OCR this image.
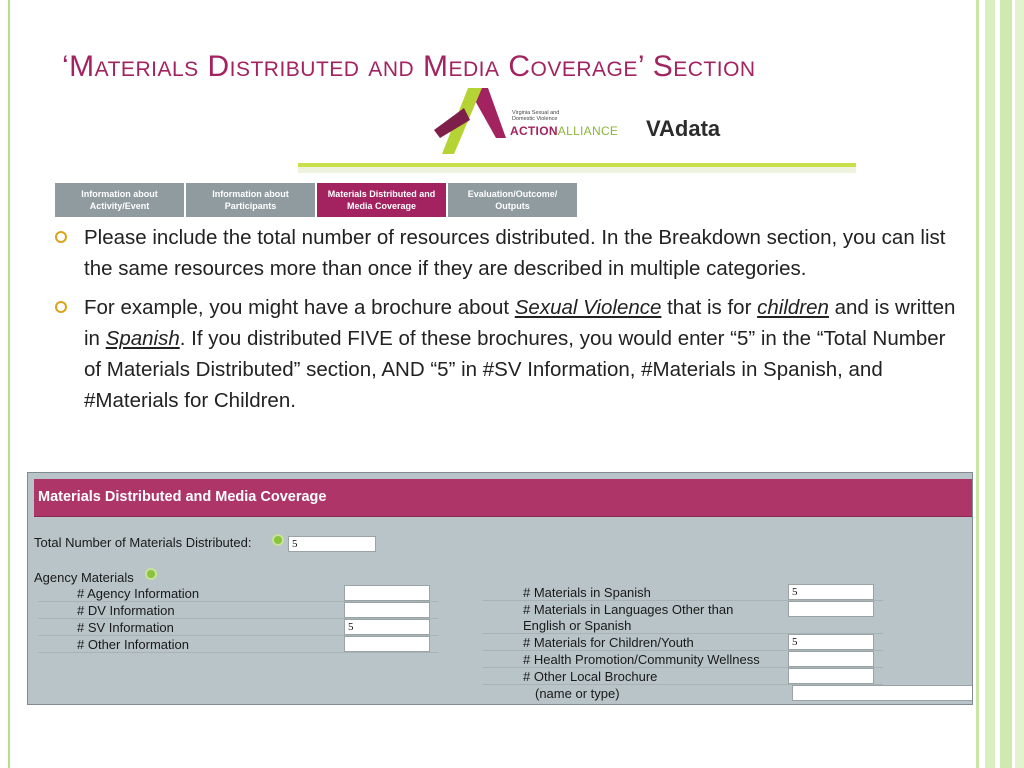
‘Materials Distributed and Media Coverage’ Section
Virginia Sexual and Domestic Violence
ACTIONALLIANCE VAdata
Information about Activity/Event
Information about Participants
Materials Distributed and Media Coverage
Evaluation/Outcome/ Outputs
Please include the total number of resources distributed. In the Breakdown section, you can list the same resources more than once if they are described in multiple categories.
For example, you might have a brochure about Sexual Violence that is for children and is written in Spanish. If you distributed FIVE of these brochures, you would enter “5” in the “Total Number of Materials Distributed” section, AND “5” in #SV Information, #Materials in Spanish, and #Materials for Children.
Materials Distributed and Media Coverage
Total Number of Materials Distributed:	5
Agency Materials
# Agency Information
# DV Information
# SV Information	5
# Other Information
# Materials in Spanish	5
# Materials in Languages Other than
English or Spanish
# Materials for Children/Youth	5
# Health Promotion/Community Wellness
# Other Local Brochure
(name or type)
